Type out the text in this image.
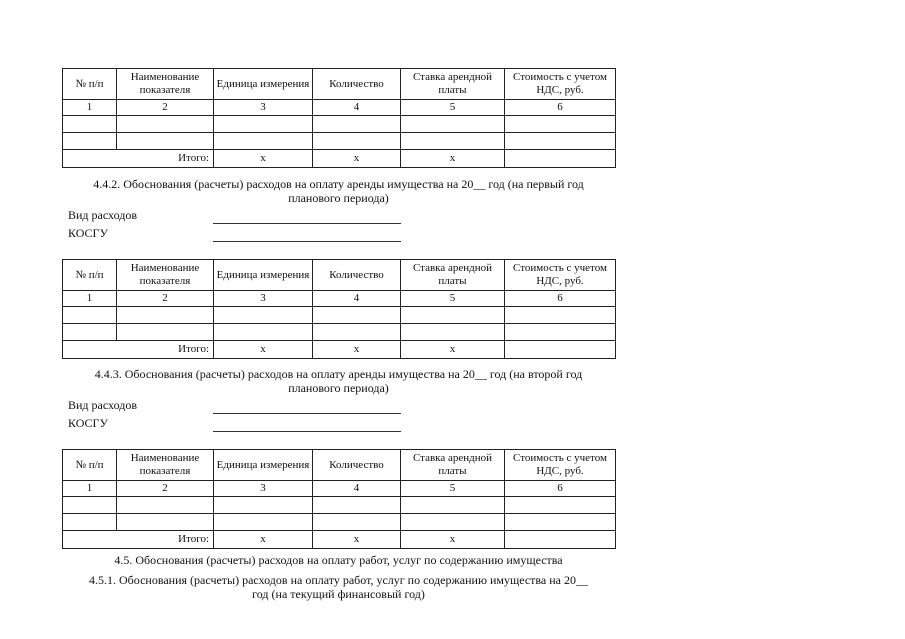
№ п/п	Наименование показателя	Единица измерения	Количество	Ставка арендной платы	Стоимость с учетом НДС, руб.
1	2	3	4	5	6

Итого:		х	х	х	
4.4.2. Обоснования (расчеты) расходов на оплату аренды имущества на 20__ год (на первый год
планового периода)
Вид расходов
КОСГУ
№ п/п	Наименование показателя	Единица измерения	Количество	Ставка арендной платы	Стоимость с учетом НДС, руб.
1	2	3	4	5	6

Итого:		х	х	х	
4.4.3. Обоснования (расчеты) расходов на оплату аренды имущества на 20__ год (на второй год
планового периода)
Вид расходов
КОСГУ
№ п/п	Наименование показателя	Единица измерения	Количество	Ставка арендной платы	Стоимость с учетом НДС, руб.
1	2	3	4	5	6

Итого:		х	х	х	
4.5. Обоснования (расчеты) расходов на оплату работ, услуг по содержанию имущества
4.5.1. Обоснования (расчеты) расходов на оплату работ, услуг по содержанию имущества на 20__
год (на текущий финансовый год)
